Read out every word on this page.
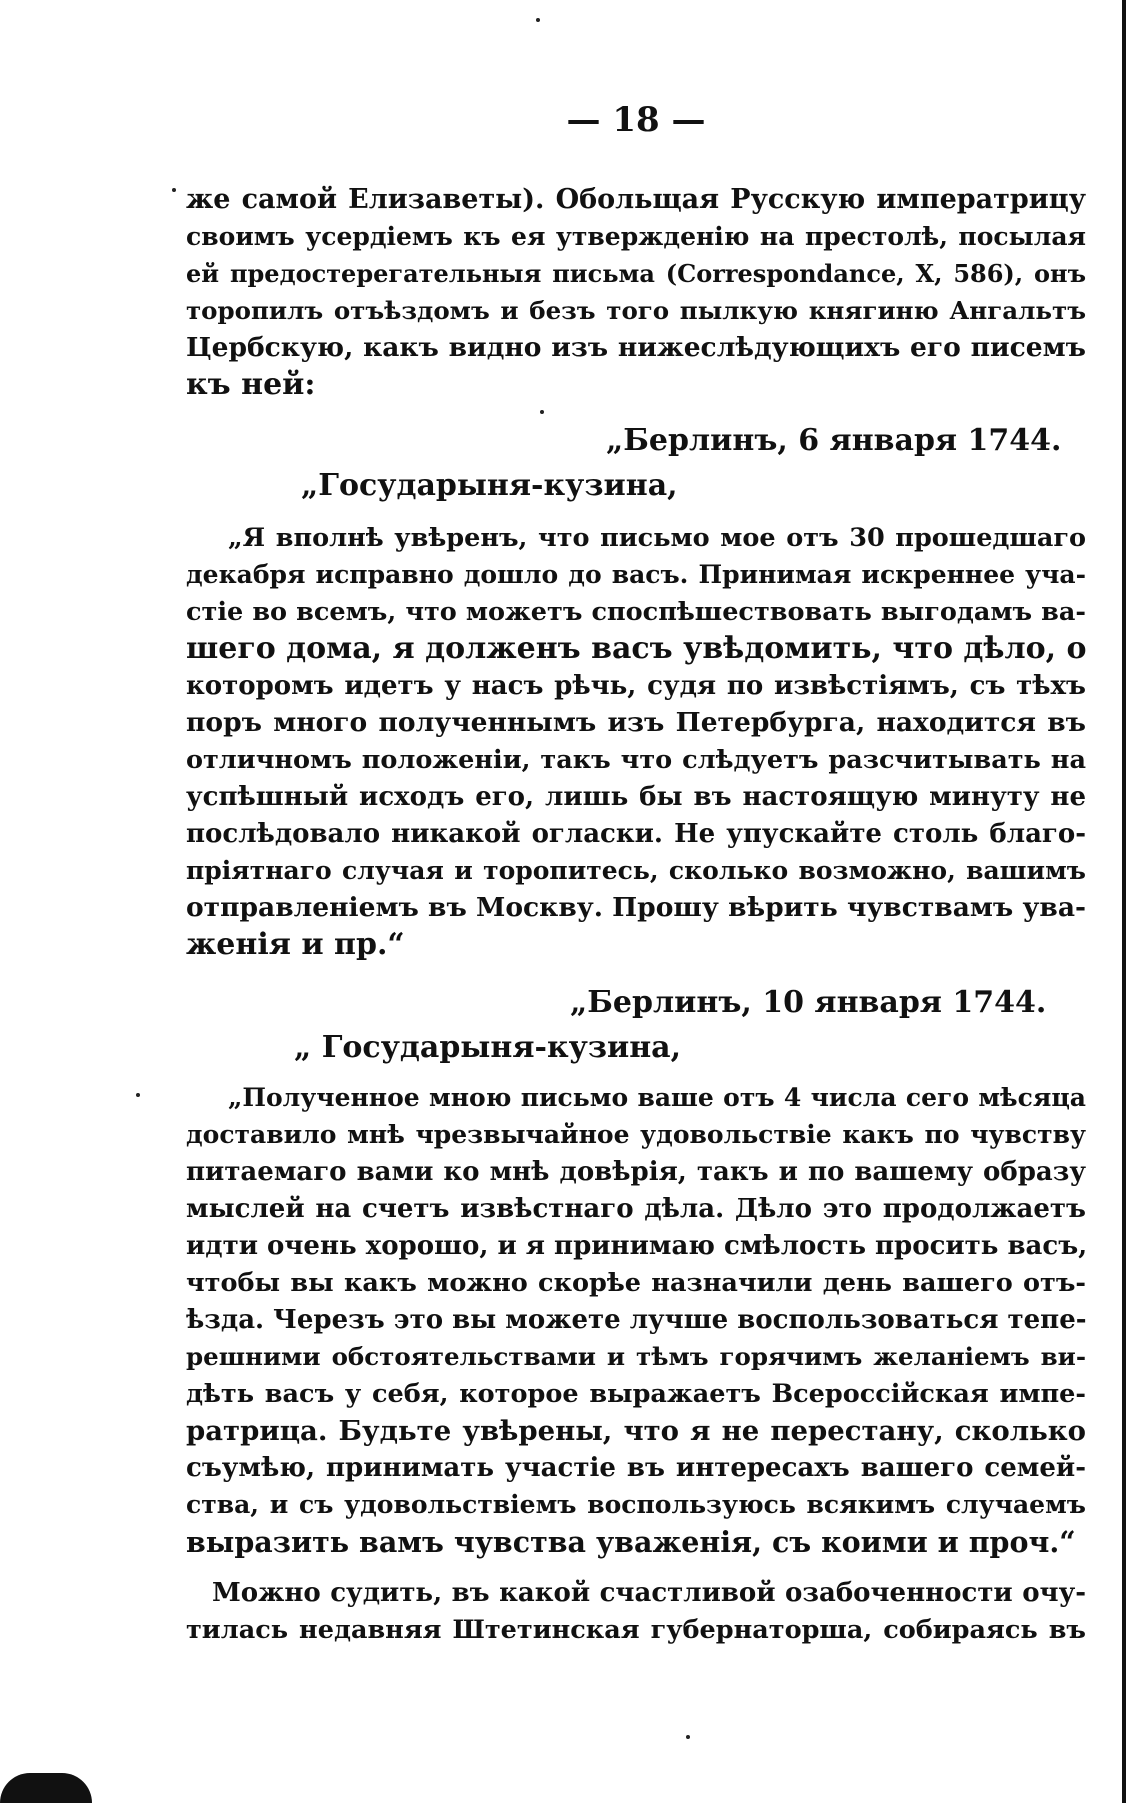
— 18 —
же самой Елизаветы). Обольщая Русскую императрицу
своимъ усердіемъ къ ея утвержденію на престолѣ, посылая
ей предостерегательныя письма (Correspondance, X, 586), онъ
торопилъ отъѣздомъ и безъ того пылкую княгиню Ангальтъ
Цербскую, какъ видно изъ нижеслѣдующихъ его писемъ
къ ней:
„Берлинъ, 6 января 1744.
„Государыня-кузина,
„Я вполнѣ увѣренъ, что письмо мое отъ 30 прошедшаго
декабря исправно дошло до васъ. Принимая искреннее уча-
стіе во всемъ, что можетъ споспѣшествовать выгодамъ ва-
шего дома, я долженъ васъ увѣдомить, что дѣло, о
которомъ идетъ у насъ рѣчь, судя по извѣстіямъ, съ тѣхъ
поръ много полученнымъ изъ Петербурга, находится въ
отличномъ положеніи, такъ что слѣдуетъ разсчитывать на
успѣшный исходъ его, лишь бы въ настоящую минуту не
послѣдовало никакой огласки. Не упускайте столь благо-
пріятнаго случая и торопитесь, сколько возможно, вашимъ
отправленіемъ въ Москву. Прошу вѣрить чувствамъ ува-
женія и пр.“
„Берлинъ, 10 января 1744.
„ Государыня-кузина,
„Полученное мною письмо ваше отъ 4 числа сего мѣсяца
доставило мнѣ чрезвычайное удовольствіе какъ по чувству
питаемаго вами ко мнѣ довѣрія, такъ и по вашему образу
мыслей на счетъ извѣстнаго дѣла. Дѣло это продолжаетъ
идти очень хорошо, и я принимаю смѣлость просить васъ,
чтобы вы какъ можно скорѣе назначили день вашего отъ-
ѣзда. Черезъ это вы можете лучше воспользоваться тепе-
решними обстоятельствами и тѣмъ горячимъ желаніемъ ви-
дѣть васъ у себя, которое выражаетъ Всероссійская импе-
ратрица. Будьте увѣрены, что я не перестану, сколько
съумѣю, принимать участіе въ интересахъ вашего семей-
ства, и съ удовольствіемъ воспользуюсь всякимъ случаемъ
выразить вамъ чувства уваженія, съ коими и проч.“
Можно судить, въ какой счастливой озабоченности очу-
тилась недавняя Штетинская губернаторша, собираясь въ
